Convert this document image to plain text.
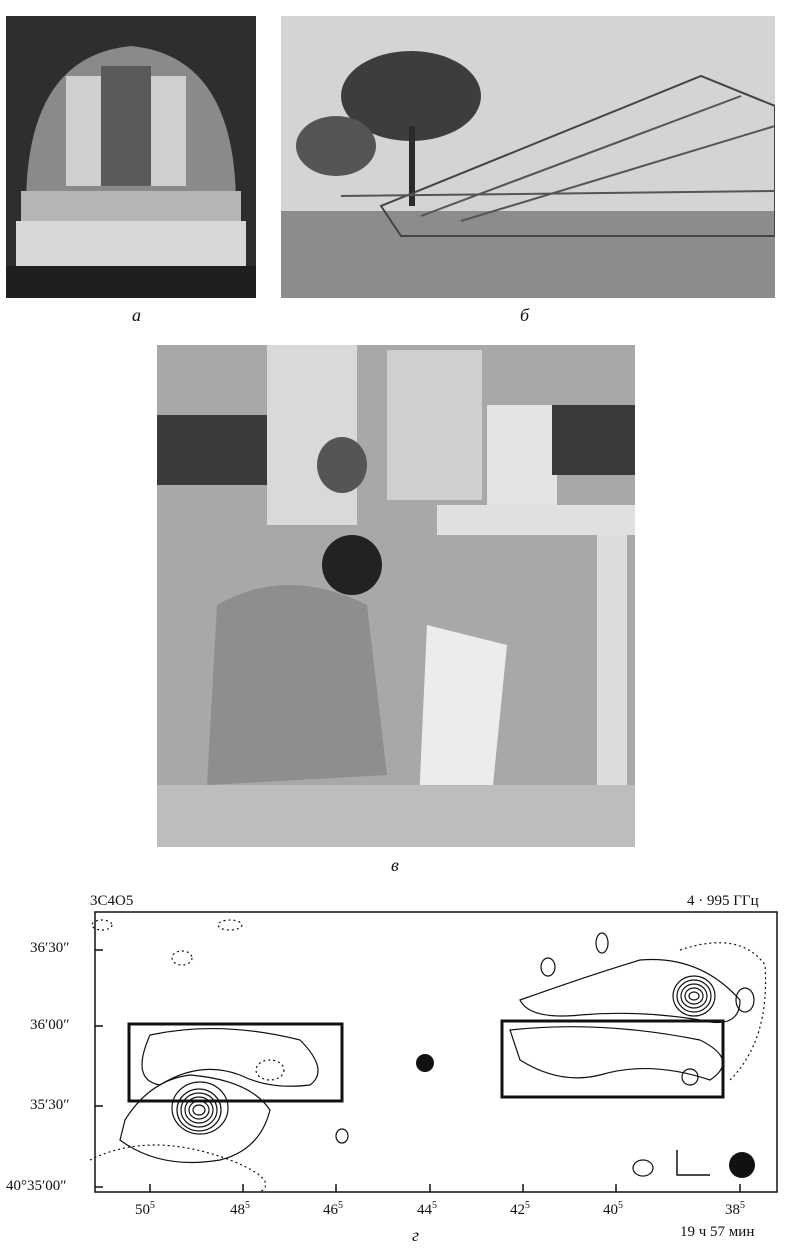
а	б
в
3C4O5	4 · 995 ГГц
36′30″
36′00″
35′30″
40°35′00″
$50^5$	$48^5$	$46^5$	$44^5$	$42^5$	$40^5$	$38^5$
г	19 ч 57 мин
